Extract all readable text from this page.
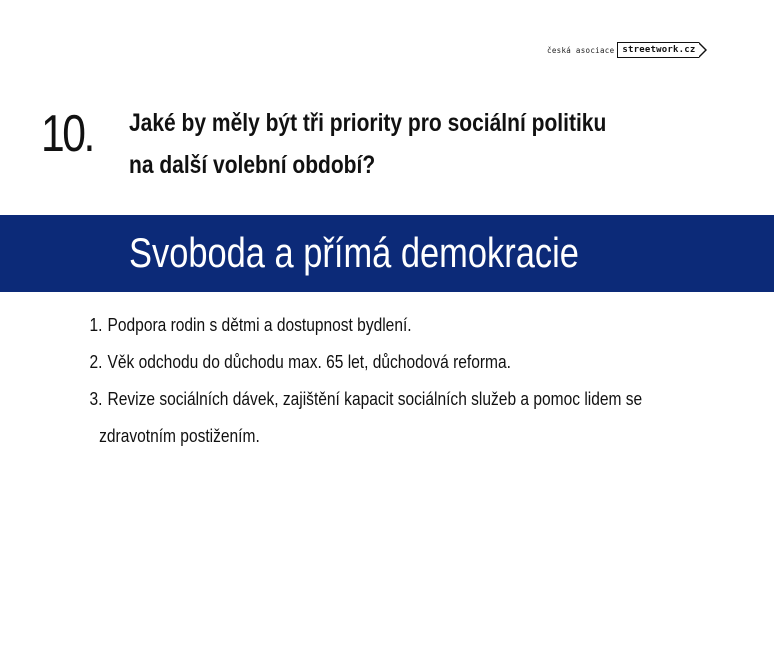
česká asociace streetwork.cz
10. Jaké by měly být tři priority pro sociální politiku
na další volební období?
Svoboda a přímá demokracie
1. Podpora rodin s dětmi a dostupnost bydlení.
2. Věk odchodu do důchodu max. 65 let, důchodová reforma.
3. Revize sociálních dávek, zajištění kapacit sociálních služeb a pomoc lidem se
zdravotním postižením.
